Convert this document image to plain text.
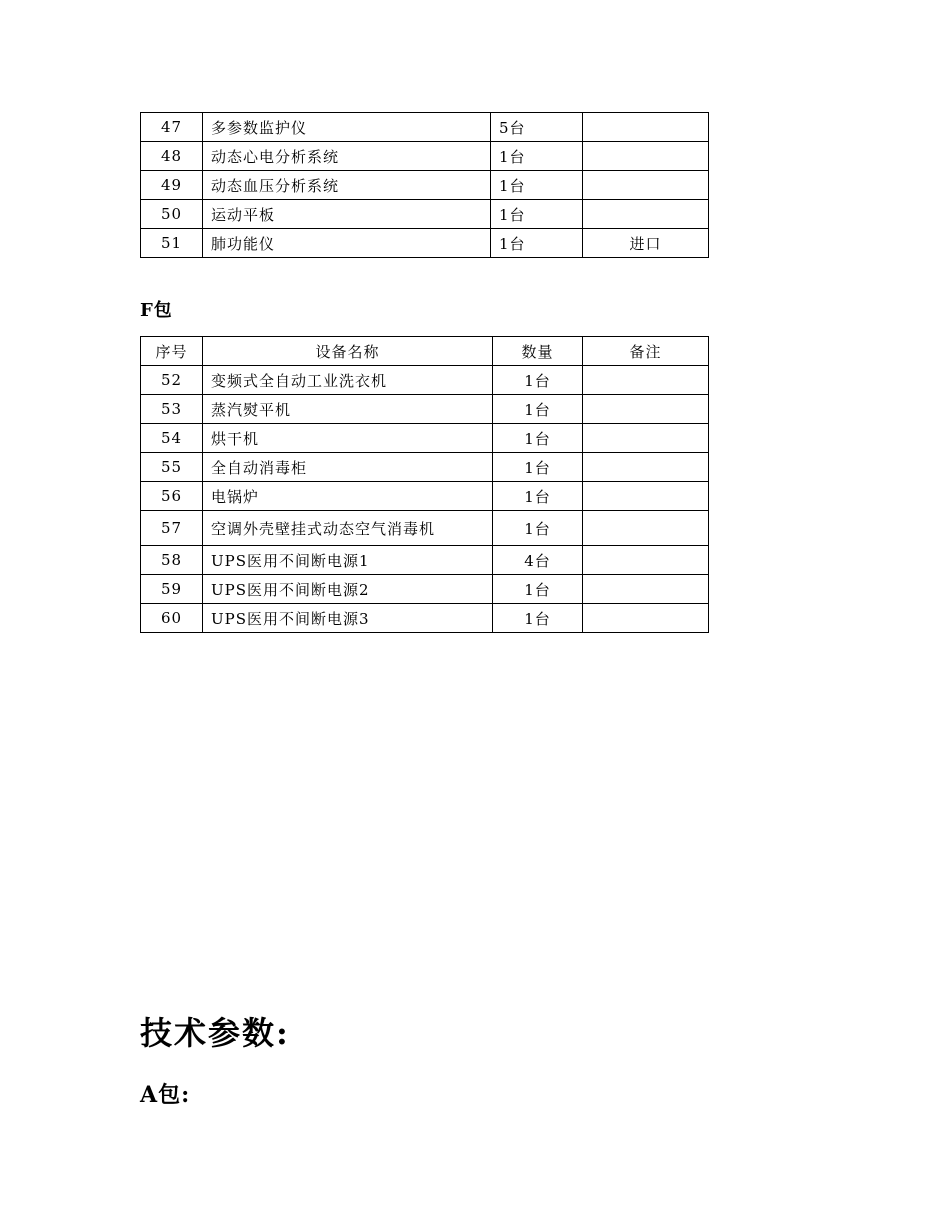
47	多参数监护仪	5台	
48	动态心电分析系统	1台	
49	动态血压分析系统	1台	
50	运动平板	1台	
51	肺功能仪	1台	进口

F包

序号	设备名称	数量	备注
52	变频式全自动工业洗衣机	1台	
53	蒸汽熨平机	1台	
54	烘干机	1台	
55	全自动消毒柜	1台	
56	电锅炉	1台	
57	空调外壳壁挂式动态空气消毒机	1台	
58	UPS医用不间断电源1	4台	
59	UPS医用不间断电源2	1台	
60	UPS医用不间断电源3	1台	
技术参数:

A包:
